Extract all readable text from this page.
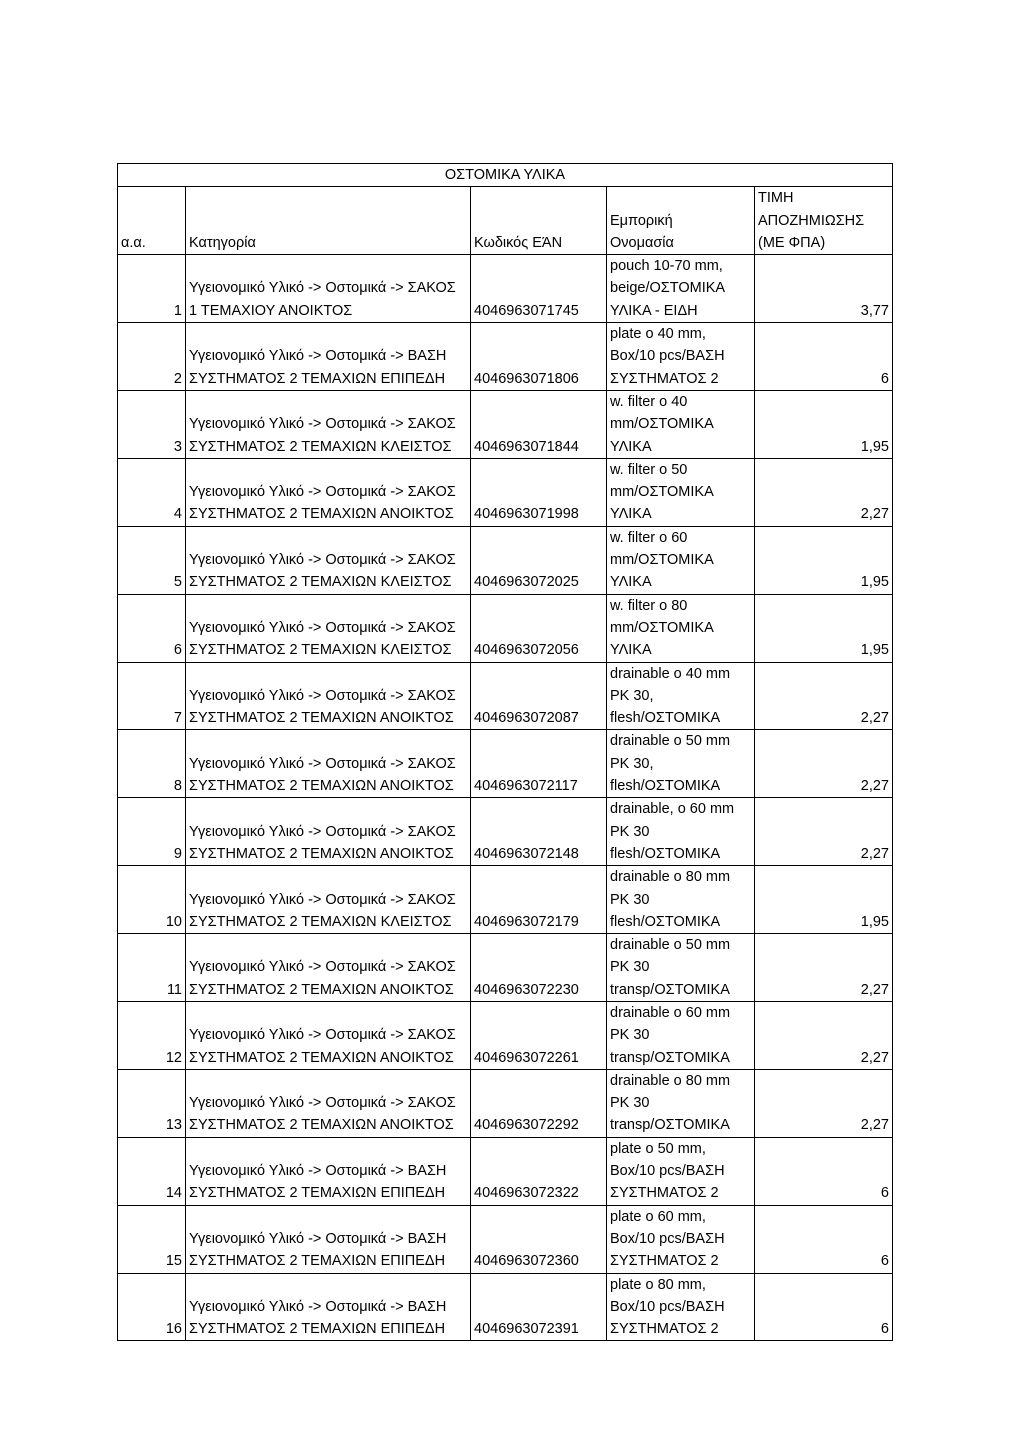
ΟΣΤΟΜΙΚΑ ΥΛΙΚΑ				
α.α.	Κατηγορία	Κωδικός ΕΆΝ	Εμπορική
Ονομασία	ΤΙΜΗ
ΑΠΟΖΗΜΙΩΣΗΣ
(ΜΕ ΦΠΑ)
1	Υγειονομικό Υλικό -> Οστομικά -> ΣΑΚΟΣ
1 ΤΕΜΑΧΙΟΥ ΑΝΟΙΚΤΟΣ	4046963071745	pouch 10-70 mm,
beige/ΟΣΤΟΜΙΚΑ
ΥΛΙΚΑ - ΕΙΔΗ	3,77
2	Υγειονομικό Υλικό -> Οστομικά -> ΒΑΣΗ
ΣΥΣΤΗΜΑΤΟΣ 2 ΤΕΜΑΧΙΩΝ ΕΠΙΠΕΔΗ	4046963071806	plate o 40 mm,
Box/10 pcs/ΒΑΣΗ
ΣΥΣΤΗΜΑΤΟΣ 2	6
3	Υγειονομικό Υλικό -> Οστομικά -> ΣΑΚΟΣ
ΣΥΣΤΗΜΑΤΟΣ 2 ΤΕΜΑΧΙΩΝ ΚΛΕΙΣΤΟΣ	4046963071844	w. filter o 40
mm/ΟΣΤΟΜΙΚΑ
ΥΛΙΚΑ	1,95
4	Υγειονομικό Υλικό -> Οστομικά -> ΣΑΚΟΣ
ΣΥΣΤΗΜΑΤΟΣ 2 ΤΕΜΑΧΙΩΝ ΑΝΟΙΚΤΟΣ	4046963071998	w. filter o 50
mm/ΟΣΤΟΜΙΚΑ
ΥΛΙΚΑ	2,27
5	Υγειονομικό Υλικό -> Οστομικά -> ΣΑΚΟΣ
ΣΥΣΤΗΜΑΤΟΣ 2 ΤΕΜΑΧΙΩΝ ΚΛΕΙΣΤΟΣ	4046963072025	w. filter o 60
mm/ΟΣΤΟΜΙΚΑ
ΥΛΙΚΑ	1,95
6	Υγειονομικό Υλικό -> Οστομικά -> ΣΑΚΟΣ
ΣΥΣΤΗΜΑΤΟΣ 2 ΤΕΜΑΧΙΩΝ ΚΛΕΙΣΤΟΣ	4046963072056	w. filter o 80
mm/ΟΣΤΟΜΙΚΑ
ΥΛΙΚΑ	1,95
7	Υγειονομικό Υλικό -> Οστομικά -> ΣΑΚΟΣ
ΣΥΣΤΗΜΑΤΟΣ 2 ΤΕΜΑΧΙΩΝ ΑΝΟΙΚΤΟΣ	4046963072087	drainable o 40 mm
PK 30,
flesh/ΟΣΤΟΜΙΚΑ	2,27
8	Υγειονομικό Υλικό -> Οστομικά -> ΣΑΚΟΣ
ΣΥΣΤΗΜΑΤΟΣ 2 ΤΕΜΑΧΙΩΝ ΑΝΟΙΚΤΟΣ	4046963072117	drainable o 50 mm
PK 30,
flesh/ΟΣΤΟΜΙΚΑ	2,27
9	Υγειονομικό Υλικό -> Οστομικά -> ΣΑΚΟΣ
ΣΥΣΤΗΜΑΤΟΣ 2 ΤΕΜΑΧΙΩΝ ΑΝΟΙΚΤΟΣ	4046963072148	drainable, o 60 mm
PK 30
flesh/ΟΣΤΟΜΙΚΑ	2,27
10	Υγειονομικό Υλικό -> Οστομικά -> ΣΑΚΟΣ
ΣΥΣΤΗΜΑΤΟΣ 2 ΤΕΜΑΧΙΩΝ ΚΛΕΙΣΤΟΣ	4046963072179	drainable o 80 mm
PK 30
flesh/ΟΣΤΟΜΙΚΑ	1,95
11	Υγειονομικό Υλικό -> Οστομικά -> ΣΑΚΟΣ
ΣΥΣΤΗΜΑΤΟΣ 2 ΤΕΜΑΧΙΩΝ ΑΝΟΙΚΤΟΣ	4046963072230	drainable o 50 mm
PK 30
transp/ΟΣΤΟΜΙΚΑ	2,27
12	Υγειονομικό Υλικό -> Οστομικά -> ΣΑΚΟΣ
ΣΥΣΤΗΜΑΤΟΣ 2 ΤΕΜΑΧΙΩΝ ΑΝΟΙΚΤΟΣ	4046963072261	drainable o 60 mm
PK 30
transp/ΟΣΤΟΜΙΚΑ	2,27
13	Υγειονομικό Υλικό -> Οστομικά -> ΣΑΚΟΣ
ΣΥΣΤΗΜΑΤΟΣ 2 ΤΕΜΑΧΙΩΝ ΑΝΟΙΚΤΟΣ	4046963072292	drainable o 80 mm
PK 30
transp/ΟΣΤΟΜΙΚΑ	2,27
14	Υγειονομικό Υλικό -> Οστομικά -> ΒΑΣΗ
ΣΥΣΤΗΜΑΤΟΣ 2 ΤΕΜΑΧΙΩΝ ΕΠΙΠΕΔΗ	4046963072322	plate o 50 mm,
Box/10 pcs/ΒΑΣΗ
ΣΥΣΤΗΜΑΤΟΣ 2	6
15	Υγειονομικό Υλικό -> Οστομικά -> ΒΑΣΗ
ΣΥΣΤΗΜΑΤΟΣ 2 ΤΕΜΑΧΙΩΝ ΕΠΙΠΕΔΗ	4046963072360	plate o 60 mm,
Box/10 pcs/ΒΑΣΗ
ΣΥΣΤΗΜΑΤΟΣ 2	6
16	Υγειονομικό Υλικό -> Οστομικά -> ΒΑΣΗ
ΣΥΣΤΗΜΑΤΟΣ 2 ΤΕΜΑΧΙΩΝ ΕΠΙΠΕΔΗ	4046963072391	plate o 80 mm,
Box/10 pcs/ΒΑΣΗ
ΣΥΣΤΗΜΑΤΟΣ 2	6
